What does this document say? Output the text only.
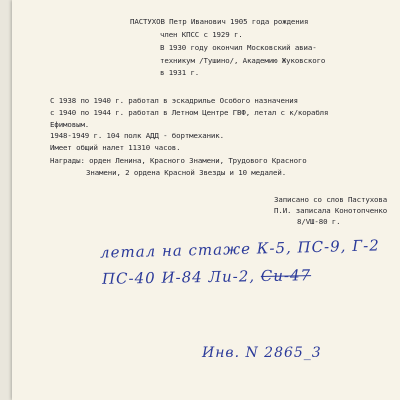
ПАСТУХОВ Петр Иванович 1905 года рождения
член КПСС с 1929 г.
В 1930 году окончил Московский авиа-
техникум /Тушино/, Академию Жуковского
в 1931 г.
С 1938 по 1940 г. работал в эскадрилье Особого назначения
с 1940 по 1944 г. работал в Летном Центре ГВФ, летал с к/корабля
Ефимовым.
1948-1949 г. 104 полк АДД - бортмеханик.
Имеет общий налет 11310 часов.
Награды: орден Ленина, Красного Знамени, Трудового Красного
Знамени, 2 ордена Красной Звезды и 10 медалей.
Записано со слов Пастухова
П.И. записала Конотопченко
8/VШ-80 г.
летал на стаже К-5, ПС-9, Г-2
ПС-40 И-84 Ли-2, Си-47
Инв. N 2865_3
